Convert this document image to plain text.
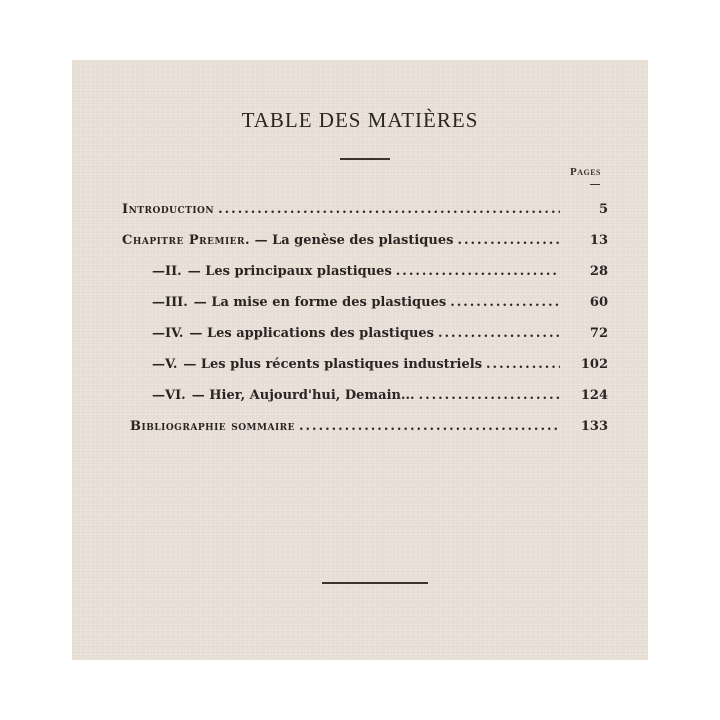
TABLE DES MATIÈRES
Pages
Introduction .....	5
Chapitre Premier.
—
La genèse des plastiques .....	13
— II. —
Les principaux plastiques .....	28
— III. —
La mise en forme des plastiques .....	60
— IV. —
Les applications des plastiques .....	72
— V. —
Les plus récents plastiques industriels .....	102
— VI. —
Hier, Aujourd'hui, Demain... .....	124
Bibliographie sommaire .....	133
